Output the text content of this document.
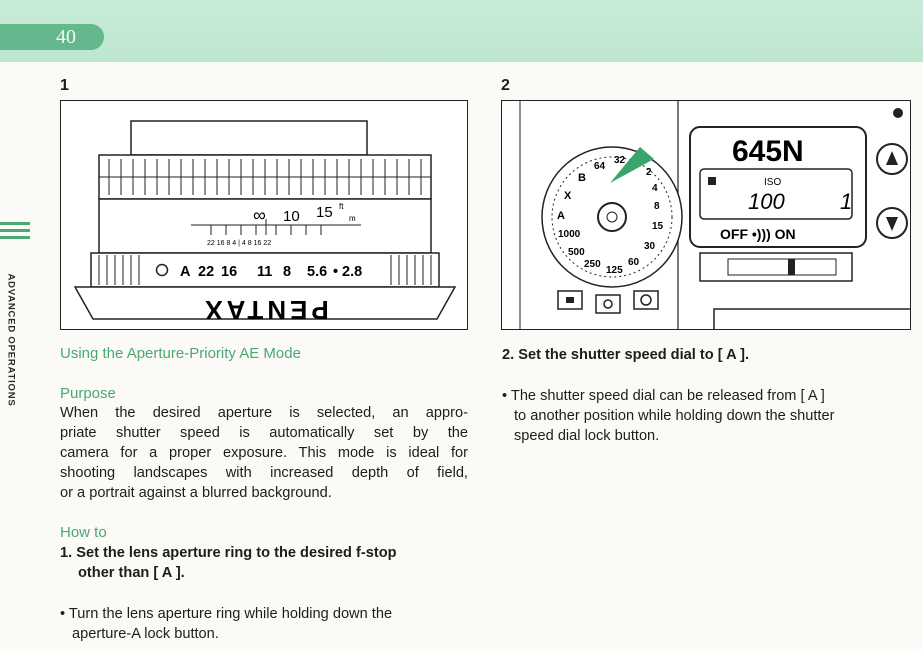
40
ADVANCED OPERATIONS
1
∞ 10 15 ft
m
22 16 8 4 | 4 8 16 22
A 22 16 11 8 5.6 • 2.8
PENTAX
2
A
X
B
1000
500
250
125
60
30
15
8
4
2
32
64	645N
ISO
100	1
OFF •))) ON
Using the Aperture-Priority AE Mode
Purpose
When the desired aperture is selected, an appro-
priate shutter speed is automatically set by the
camera for a proper exposure. This mode is ideal for
shooting landscapes with increased depth of field,
or a portrait against a blurred background.
How to
1. Set the lens aperture ring to the desired f-stop
other than [ A ].
• Turn the lens aperture ring while holding down the
aperture-A lock button.
2. Set the shutter speed dial to [ A ].
• The shutter speed dial can be released from [ A ]
to another position while holding down the shutter
speed dial lock button.
